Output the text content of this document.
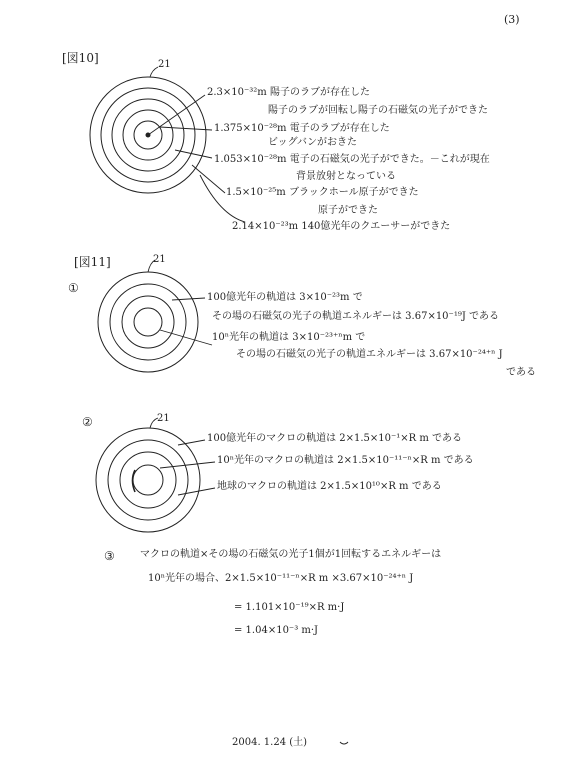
(3)
[図10]	21
2.3×10⁻³²m 陽子のラブが存在した
陽子のラブが回転し陽子の石磁気の光子ができた
1.375×10⁻²⁸m 電子のラブが存在した
ビッグバンがおきた
1.053×10⁻²⁸m 電子の石磁気の光子ができた。－これが現在
背景放射となっている
1.5×10⁻²⁵m ブラックホール原子ができた
原子ができた
2.14×10⁻²³m 140億光年のクエーサーができた
[図11]
①
21
100億光年の軌道は 3×10⁻²³m で
その場の石磁気の光子の軌道エネルギーは 3.67×10⁻¹⁹J である
10ⁿ光年の軌道は 3×10⁻²³⁺ⁿm で
その場の石磁気の光子の軌道エネルギーは 3.67×10⁻²⁴⁺ⁿ J
である
②	21
100億光年のマクロの軌道は 2×1.5×10⁻¹×R m である
10ⁿ光年のマクロの軌道は 2×1.5×10⁻¹¹⁻ⁿ×R m である
地球のマクロの軌道は 2×1.5×10¹⁰×R m である
③	マクロの軌道×その場の石磁気の光子1個が1回転するエネルギーは
10ⁿ光年の場合、2×1.5×10⁻¹¹⁻ⁿ×R m ×3.67×10⁻²⁴⁺ⁿ J
= 1.101×10⁻¹⁹×R m·J
= 1.04×10⁻³ m·J
2004. 1.24 (土)
